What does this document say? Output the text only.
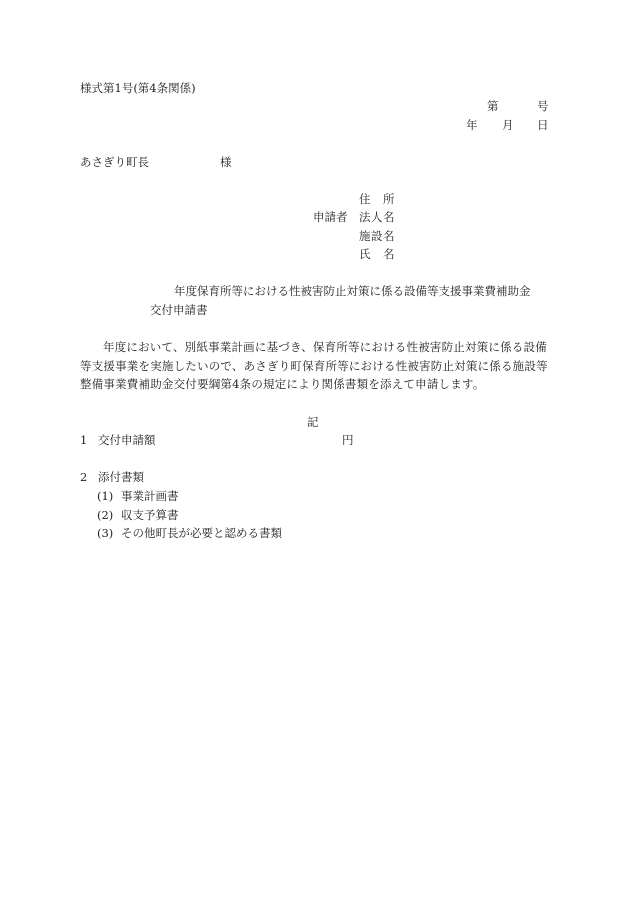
様式第1号(第4条関係)
第	号
年 月 日
あさぎり町長	様
住　所
申請者 法人名
施設名
氏　名
年度保育所等における性被害防止対策に係る設備等支援事業費補助金
交付申請書
年度において、別紙事業計画に基づき、保育所等における性被害防止対策に係る設備
等支援事業を実施したいので、あさぎり町保育所等における性被害防止対策に係る施設等
整備事業費補助金交付要綱第4条の規定により関係書類を添えて申請します。
記
1 交付申請額	円
2 添付書類
(1) 事業計画書
(2) 収支予算書
(3) その他町長が必要と認める書類
